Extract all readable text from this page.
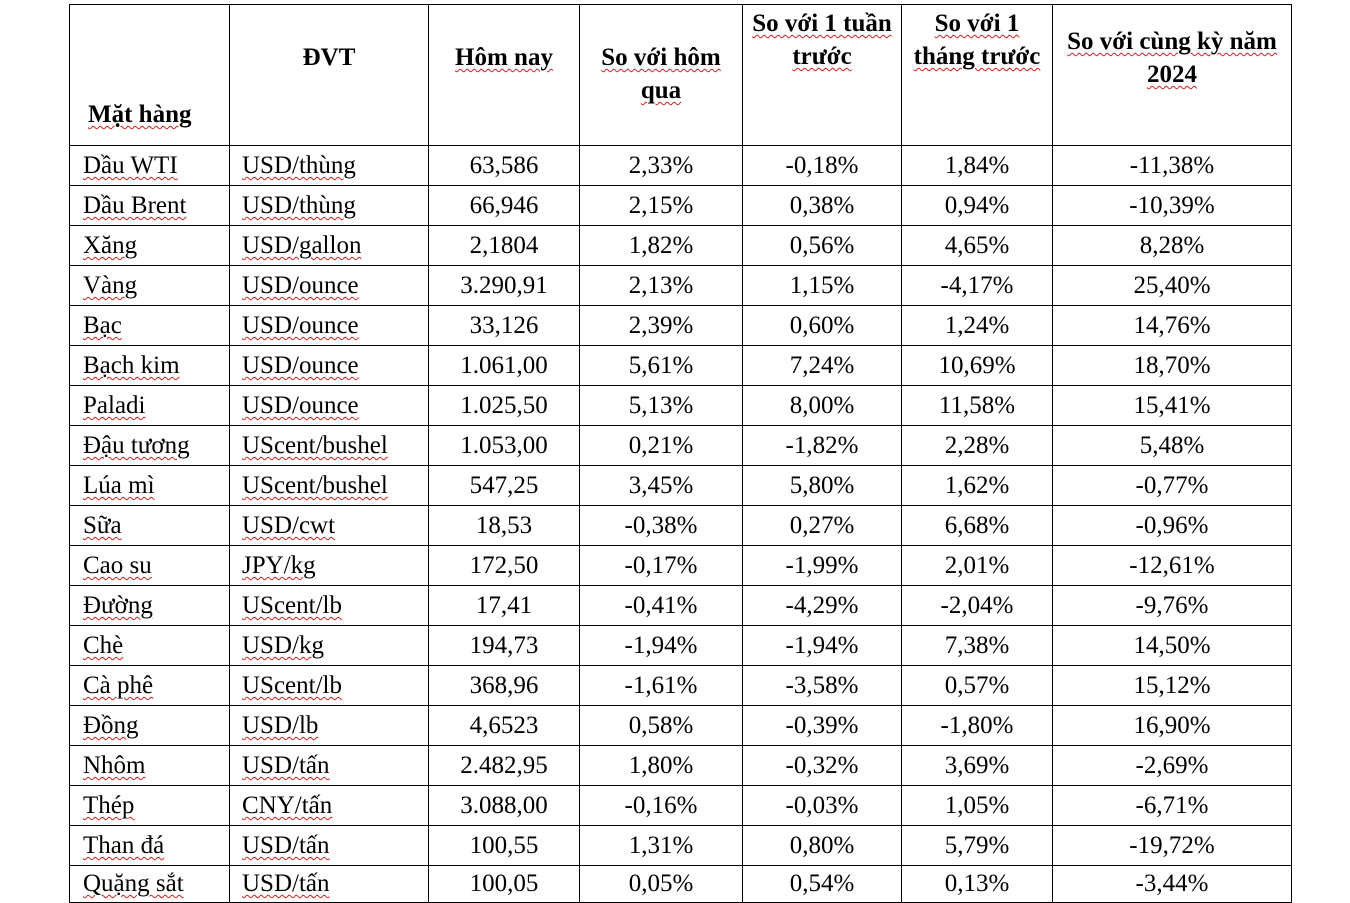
Mặt hàng	ĐVT	Hôm nay	So với hôm qua	So với 1 tuần trước	So với 1 tháng trước	So với cùng kỳ năm 2024
Dầu WTI	USD/thùng	63,586	2,33%	-0,18%	1,84%	-11,38%
Dầu Brent	USD/thùng	66,946	2,15%	0,38%	0,94%	-10,39%
Xăng	USD/gallon	2,1804	1,82%	0,56%	4,65%	8,28%
Vàng	USD/ounce	3.290,91	2,13%	1,15%	-4,17%	25,40%
Bạc	USD/ounce	33,126	2,39%	0,60%	1,24%	14,76%
Bạch kim	USD/ounce	1.061,00	5,61%	7,24%	10,69%	18,70%
Paladi	USD/ounce	1.025,50	5,13%	8,00%	11,58%	15,41%
Đậu tương	UScent/bushel	1.053,00	0,21%	-1,82%	2,28%	5,48%
Lúa mì	UScent/bushel	547,25	3,45%	5,80%	1,62%	-0,77%
Sữa	USD/cwt	18,53	-0,38%	0,27%	6,68%	-0,96%
Cao su	JPY/kg	172,50	-0,17%	-1,99%	2,01%	-12,61%
Đường	UScent/lb	17,41	-0,41%	-4,29%	-2,04%	-9,76%
Chè	USD/kg	194,73	-1,94%	-1,94%	7,38%	14,50%
Cà phê	UScent/lb	368,96	-1,61%	-3,58%	0,57%	15,12%
Đồng	USD/lb	4,6523	0,58%	-0,39%	-1,80%	16,90%
Nhôm	USD/tấn	2.482,95	1,80%	-0,32%	3,69%	-2,69%
Thép	CNY/tấn	3.088,00	-0,16%	-0,03%	1,05%	-6,71%
Than đá	USD/tấn	100,55	1,31%	0,80%	5,79%	-19,72%
Quặng sắt	USD/tấn	100,05	0,05%	0,54%	0,13%	-3,44%
